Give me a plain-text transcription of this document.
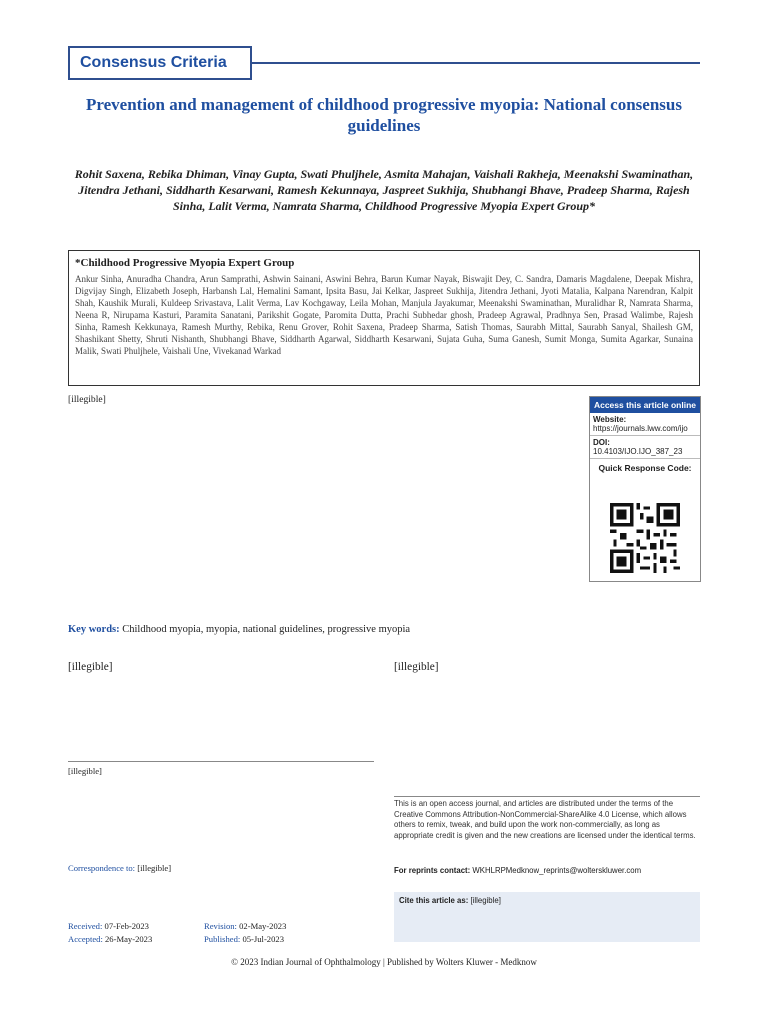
Consensus Criteria
Prevention and management of childhood progressive myopia: National consensus guidelines
Rohit Saxena, Rebika Dhiman, Vinay Gupta, Swati Phuljhele, Asmita Mahajan, Vaishali Rakheja, Meenakshi Swaminathan, Jitendra Jethani, Siddharth Kesarwani, Ramesh Kekunnaya, Jaspreet Sukhija, Shubhangi Bhave, Pradeep Sharma, Rajesh Sinha, Lalit Verma, Namrata Sharma, Childhood Progressive Myopia Expert Group*
*Childhood Progressive Myopia Expert Group
Ankur Sinha, Anuradha Chandra, Arun Samprathi, Ashwin Sainani, Aswini Behra, Barun Kumar Nayak, Biswajit Dey, C. Sandra, Damaris Magdalene, Deepak Mishra, Digvijay Singh, Elizabeth Joseph, Harbansh Lal, Hemalini Samant, Ipsita Basu, Jai Kelkar, Jaspreet Sukhija, Jitendra Jethani, Jyoti Matalia, Kalpana Narendran, Kalpit Shah, Kaushik Murali, Kuldeep Srivastava, Lalit Verma, Lav Kochgaway, Leila Mohan, Manjula Jayakumar, Meenakshi Swaminathan, Muralidhar R, Namrata Sharma, Neena R, Nirupama Kasturi, Paramita Sanatani, Parikshit Gogate, Paromita Dutta, Prachi Subhedar ghosh, Pradeep Agrawal, Pradhnya Sen, Prasad Walimbe, Rajesh Sinha, Ramesh Kekkunaya, Ramesh Murthy, Rebika, Renu Grover, Rohit Saxena, Pradeep Sharma, Satish Thomas, Saurabh Mittal, Saurabh Sanyal, Shailesh GM, Shashikant Shetty, Shruti Nishanth, Shubhangi Bhave, Siddharth Agarwal, Siddharth Kesarwani, Sujata Guha, Suma Ganesh, Sumit Monga, Sumita Agarkar, Sunaina Malik, Swati Phuljhele, Vaishali Une, Vivekanad Warkad
[illegible]
Key words: Childhood myopia, myopia, national guidelines, progressive myopia
Access this article online
Website:
https://journals.lww.com/ijo
DOI:
10.4103/IJO.IJO_387_23
Quick Response Code:
[illegible]	[illegible]
[illegible]
Correspondence to: [illegible]
Received: 07-Feb-2023	Revision: 02-May-2023
Accepted: 26-May-2023	Published: 05-Jul-2023
This is an open access journal, and articles are distributed under the terms of the Creative Commons Attribution-NonCommercial-ShareAlike 4.0 License, which allows others to remix, tweak, and build upon the work non-commercially, as long as appropriate credit is given and the new creations are licensed under the identical terms.
For reprints contact: WKHLRPMedknow_reprints@wolterskluwer.com
Cite this article as: [illegible]
© 2023 Indian Journal of Ophthalmology | Published by Wolters Kluwer - Medknow
